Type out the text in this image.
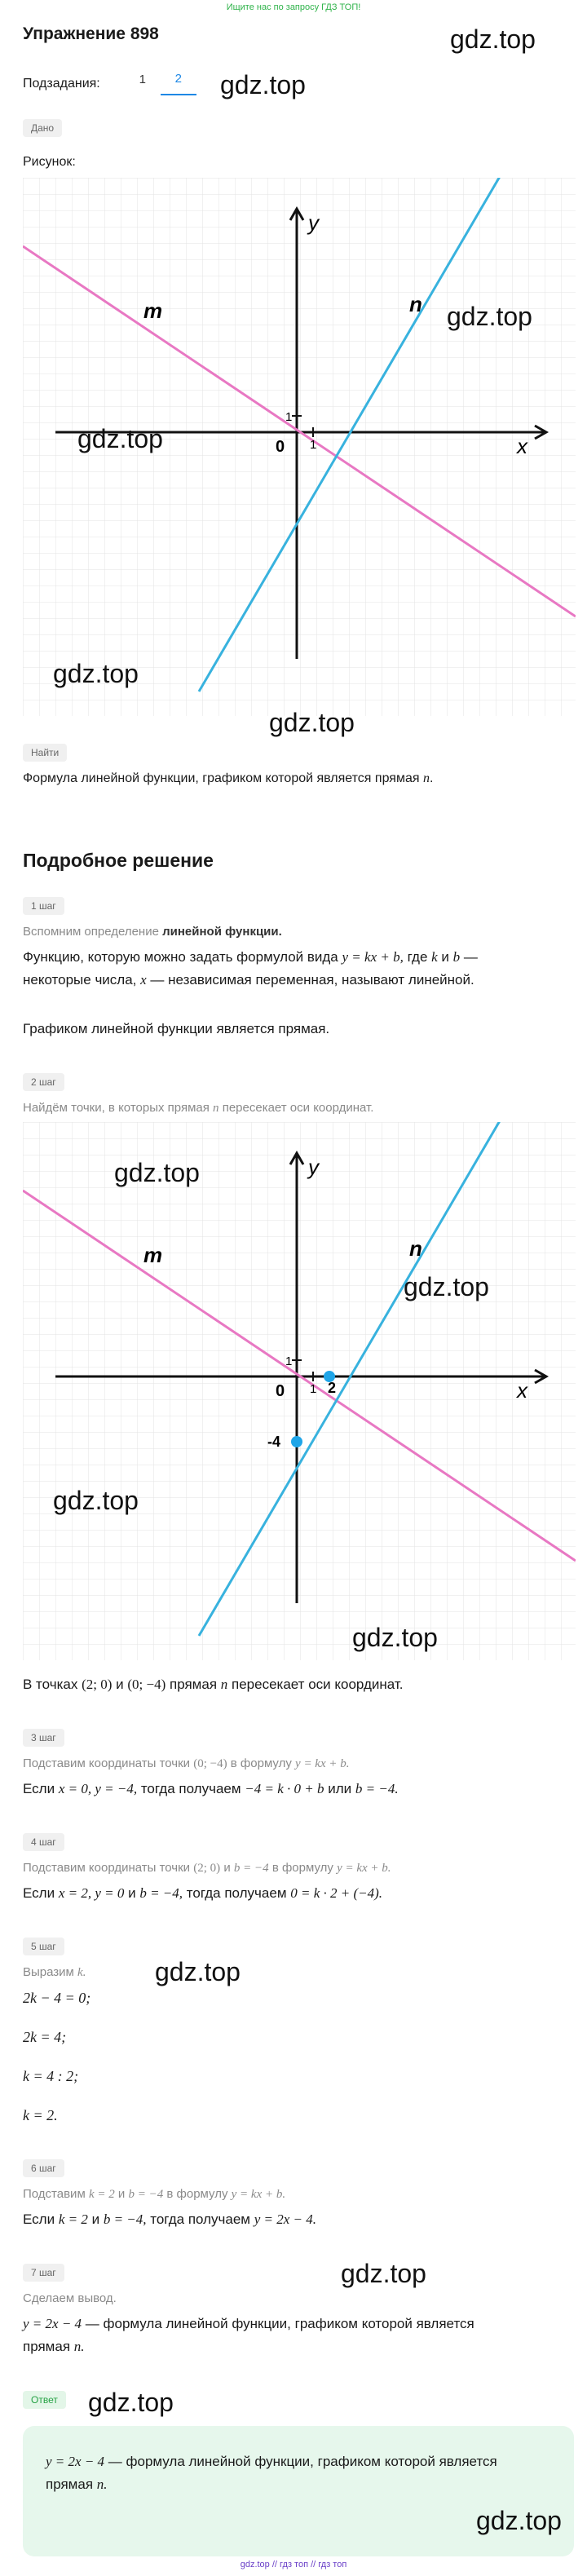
Ищите нас по запросу ГДЗ ТОП!
Упражнение 898	gdz.top
Подзадания:	1	2	gdz.top
Дано
Рисунок:
y
x
0
1
1
m	n gdz.top
gdz.top
gdz.top
gdz.top
Найти
Формула линейной функции, графиком которой является прямая n.
Подробное решение
1 шаг
Вспомним определение линейной функции.
Функцию, которую можно задать формулой вида y = kx + b, где k и b —
некоторые числа, x — независимая переменная, называют линейной.
Графиком линейной функции является прямая.
2 шаг
Найдём точки, в которых прямая n пересекает оси координат.
y
x
0
1
1 2
-4
m	n
gdz.top
gdz.top
gdz.top
gdz.top
В точках (2; 0) и (0; −4) прямая n пересекает оси координат.
3 шаг
Подставим координаты точки (0; −4) в формулу y = kx + b.
Если x = 0, y = −4, тогда получаем −4 = k · 0 + b или b = −4.
4 шаг
Подставим координаты точки (2; 0) и b = −4 в формулу y = kx + b.
Если x = 2, y = 0 и b = −4, тогда получаем 0 = k · 2 + (−4).
5 шаг
Выразим k.	gdz.top
2k − 4 = 0;
2k = 4;
k = 4 : 2;
k = 2.
6 шаг
Подставим k = 2 и b = −4 в формулу y = kx + b.
Если k = 2 и b = −4, тогда получаем y = 2x − 4.
gdz.top
7 шаг
Сделаем вывод.
y = 2x − 4 — формула линейной функции, графиком которой является
прямая n.
Ответ	gdz.top
y = 2x − 4 — формула линейной функции, графиком которой является
прямая n.
gdz.top
gdz.top // гдз топ // гдз топ
